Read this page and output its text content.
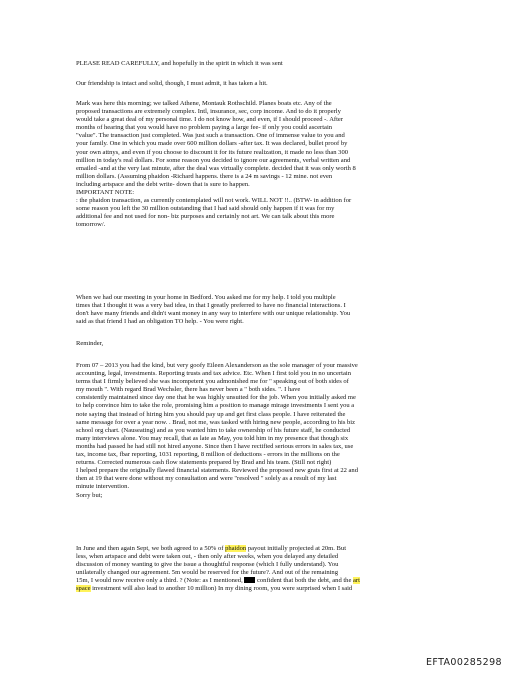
PLEASE READ CAREFULLY, and hopefully in the spirit in which it was sent

Our friendship is intact and solid, though, I must admit, it has taken a hit.

Mark was here this morning; we talked Athene, Montauk Rothschild. Planes boats etc. Any of the
proposed transactions are extremely complex. Intl, insurance, sec, corp income. And to do it properly
would take a great deal of my personal time. I do not know how, and even, if I should proceed -. After
months of hearing that you would have no problem paying a large fee- if only you could ascertain
"value". The transaction just completed. Was just such a transaction. One of immense value to you and
your family. One in which you made over 600 million dollars -after tax. It was declared, bullet proof by
your own attnys, and even if you choose to discount it for its future realization, it made no less than 300
million in today's real dollars. For some reason you decided to ignore our agreements, verbal written and
emailed -and at the very last minute, after the deal was virtually complete. decided that it was only worth 8
million dollars. (Assuming phaidon -Richard happens. there is a 24 m savings - 12 mine. not even
including artspace and the debt write- down that is sure to happen.

IMPORTANT NOTE:

: the phaidon transaction, as currently contemplated will not work. WILL NOT !!.. (BTW- in addition for
some reason you left the 30 million outstanding that I had said should only happen if it was for my
additional fee and not used for non- biz purposes and certainly not art. We can talk about this more
tomorrow/.

When we had our meeting in your home in Bedford. You asked me for my help. I told you multiple
times that I thought it was a very bad idea, in that I greatly preferred to have no financial interactions. I
don't have many friends and didn't want money in any way to interfere with our unique relationship. You
said as that friend I had an obligation TO help. - You were right.

Reminder,

From 07 – 2013 you had the kind, but very goofy Eileen Alexanderson as the sole manager of your massive
accounting, legal, investments. Reporting trusts and tax advice. Etc. When I first told you in no uncertain
terms that I firmly believed she was incompetent you admonished me for " speaking out of both sides of
my mouth ". With regard Brad Wechsler, there has never been a " both sides. ". I have
consistently maintained since day one that he was highly unsuited for the job. When you initially asked me
to help convince him to take the role, promising him a position to manage mirage investments I sent you a
note saying that instead of hiring him you should pay up and get first class people. I have reiterated the
same message for over a year now. . Brad, not me, was tasked with hiring new people, according to his biz
school org chart. (Nauseating) and as you wanted him to take ownership of his future staff, he conducted
many interviews alone. You may recall, that as late as May, you told him in my presence that though six
months had passed he had still not hired anyone. Since then I have rectified serious errors in sales tax, use
tax, income tax, fbar reporting, 1031 reporting, 8 million of deductions - errors in the millions on the
returns. Corrected numerous cash flow statements prepared by Brad and his team. (Still not right)
I helped prepare the originally flawed financial statements. Reviewed the proposed new grats first at 22 and
then at 19 that were done without my consultation and were "resolved " solely as a result of my last
minute intervention.
Sorry but;

In June and then again Sept, we both agreed to a 50% of phaidon payout initially projected at 20m. But
less, when artspace and debt were taken out, - then only after weeks, when you delayed any detailed
discussion of money wanting to give the issue a thoughtful response (which I fully understand). You
unilaterally changed our agreement. 5m would be reserved for the future?. And out of the remaining
15m, I would now receive only a third. ? (Note: as I mentioned,  confident that both the debt, and the art
space investment will also lead to another 10 million) In my dining room, you were surprised when I said

EFTA00285298
